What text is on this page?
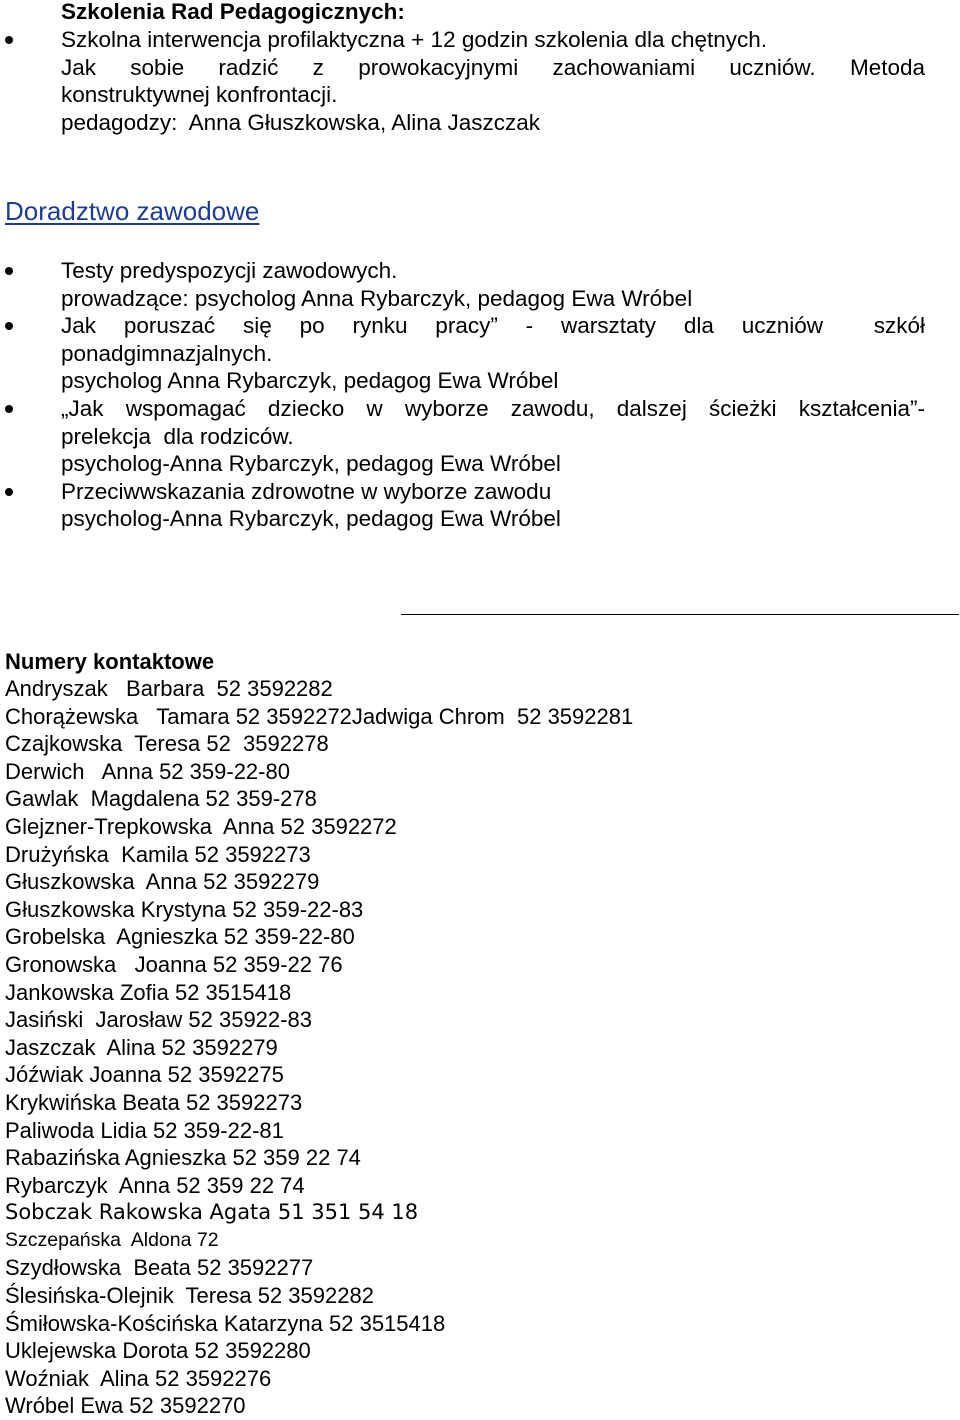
Szkolenia Rad Pedagogicznych:
Szkolna interwencja profilaktyczna + 12 godzin szkolenia dla chętnych.
Jak sobie radzić z prowokacyjnymi zachowaniami uczniów. Metoda
konstruktywnej konfrontacji.
pedagodzy:  Anna Głuszkowska, Alina Jaszczak
Doradztwo zawodowe
Testy predyspozycji zawodowych.
prowadzące: psycholog Anna Rybarczyk, pedagog Ewa Wróbel
Jak poruszać się po rynku pracy” - warsztaty dla uczniów szkół
ponadgimnazjalnych.
psycholog Anna Rybarczyk, pedagog Ewa Wróbel
„Jak wspomagać dziecko w wyborze zawodu, dalszej ścieżki kształcenia”-
prelekcja  dla rodziców.
psycholog-Anna Rybarczyk, pedagog Ewa Wróbel
Przeciwwskazania zdrowotne w wyborze zawodu
psycholog-Anna Rybarczyk, pedagog Ewa Wróbel
Numery kontaktowe
Andryszak   Barbara  52 3592282
Chorążewska   Tamara 52 3592272Jadwiga Chrom  52 3592281
Czajkowska  Teresa 52  3592278
Derwich   Anna 52 359-22-80
Gawlak  Magdalena 52 359-278
Glejzner-Trepkowska  Anna 52 3592272
Drużyńska  Kamila 52 3592273
Głuszkowska  Anna 52 3592279
Głuszkowska Krystyna 52 359-22-83
Grobelska  Agnieszka 52 359-22-80
Gronowska   Joanna 52 359-22 76
Jankowska Zofia 52 3515418
Jasiński  Jarosław 52 35922-83
Jaszczak  Alina 52 3592279
Jóźwiak Joanna 52 3592275
Krykwińska Beata 52 3592273
Paliwoda Lidia 52 359-22-81
Rabazińska Agnieszka 52 359 22 74
Rybarczyk  Anna 52 359 22 74
Sobczak Rakowska Agata 51 351 54 18
Szczepańska  Aldona 72
Szydłowska  Beata 52 3592277
Ślesińska-Olejnik  Teresa 52 3592282
Śmiłowska-Kościńska Katarzyna 52 3515418
Uklejewska Dorota 52 3592280
Woźniak  Alina 52 3592276
Wróbel Ewa 52 3592270
